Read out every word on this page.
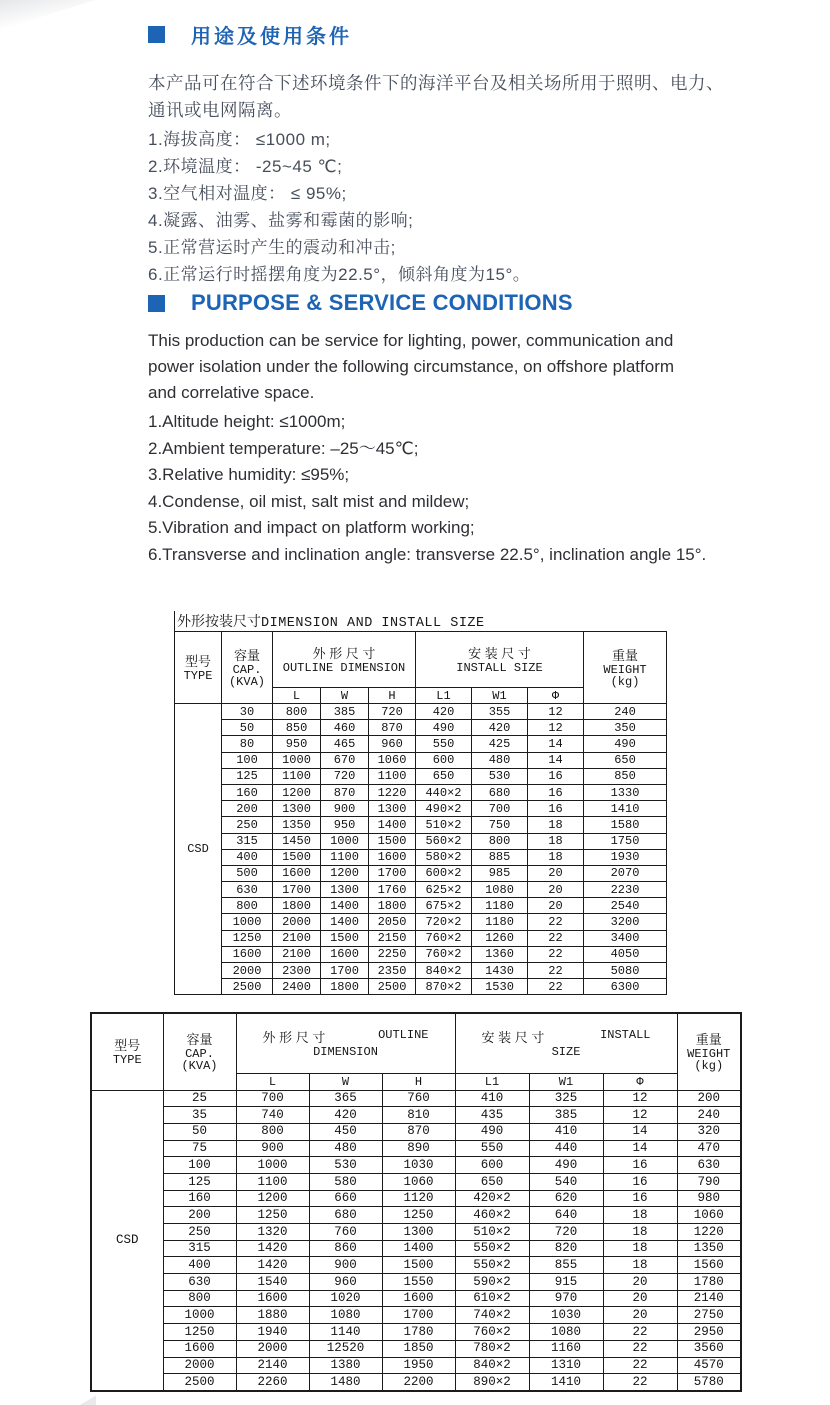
用途及使用条件
本产品可在符合下述环境条件下的海洋平台及相关场所用于照明、电力、
通讯或电网隔离。
1.海拔高度： ≤1000 m;
2.环境温度： -25~45 ℃;
3.空气相对温度： ≤ 95%;
4.凝露、油雾、盐雾和霉菌的影响;
5.正常营运时产生的震动和冲击;
6.正常运行时摇摆角度为22.5°，倾斜角度为15°。
PURPOSE & SERVICE CONDITIONS
This production can be service for lighting, power, communication and
power isolation under the following circumstance, on offshore platform
and correlative space.
1.Altitude height: ≤1000m;
2.Ambient temperature: –25～45℃;
3.Relative humidity: ≤95%;
4.Condense, oil mist, salt mist and mildew;
5.Vibration and impact on platform working;
6.Transverse and inclination angle: transverse 22.5°, inclination angle 15°.
外形按装尺寸 DIMENSION AND INSTALL SIZE
型号
TYPE

容量
CAP.
(KVA)

外 形 尺 寸
OUTLINE DIMENSION

安 装 尺 寸
INSTALL SIZE

重量
WEIGHT
(kg)

		L	W	H	L1	W1	Φ	
CSD	30	800	385	720	420	355	12	240
	50	850	460	870	490	420	12	350
	80	950	465	960	550	425	14	490
	100	1000	670	1060	600	480	14	650
	125	1100	720	1100	650	530	16	850
	160	1200	870	1220	440×2	680	16	1330
	200	1300	900	1300	490×2	700	16	1410
	250	1350	950	1400	510×2	750	18	1580
	315	1450	1000	1500	560×2	800	18	1750
	400	1500	1100	1600	580×2	885	18	1930
	500	1600	1200	1700	600×2	985	20	2070
	630	1700	1300	1760	625×2	1080	20	2230
	800	1800	1400	1800	675×2	1180	20	2540
	1000	2000	1400	2050	720×2	1180	22	3200
	1250	2100	1500	2150	760×2	1260	22	3400
	1600	2100	1600	2250	760×2	1360	22	4050
	2000	2300	1700	2350	840×2	1430	22	5080
	2500	2400	1800	2500	870×2	1530	22	6300
型号
TYPE

容量
CAP.
(KVA)

外 形 尺 寸	OUTLINE
DIMENSION

安 装 尺 寸	INSTALL
SIZE

重量
WEIGHT
(kg)

		L	W	H	L1	W1	Φ	
CSD	25	700	365	760	410	325	12	200
	35	740	420	810	435	385	12	240
	50	800	450	870	490	410	14	320
	75	900	480	890	550	440	14	470
	100	1000	530	1030	600	490	16	630
	125	1100	580	1060	650	540	16	790
	160	1200	660	1120	420×2	620	16	980
	200	1250	680	1250	460×2	640	18	1060
	250	1320	760	1300	510×2	720	18	1220
	315	1420	860	1400	550×2	820	18	1350
	400	1420	900	1500	550×2	855	18	1560
	630	1540	960	1550	590×2	915	20	1780
	800	1600	1020	1600	610×2	970	20	2140
	1000	1880	1080	1700	740×2	1030	20	2750
	1250	1940	1140	1780	760×2	1080	22	2950
	1600	2000	12520	1850	780×2	1160	22	3560
	2000	2140	1380	1950	840×2	1310	22	4570
	2500	2260	1480	2200	890×2	1410	22	5780
